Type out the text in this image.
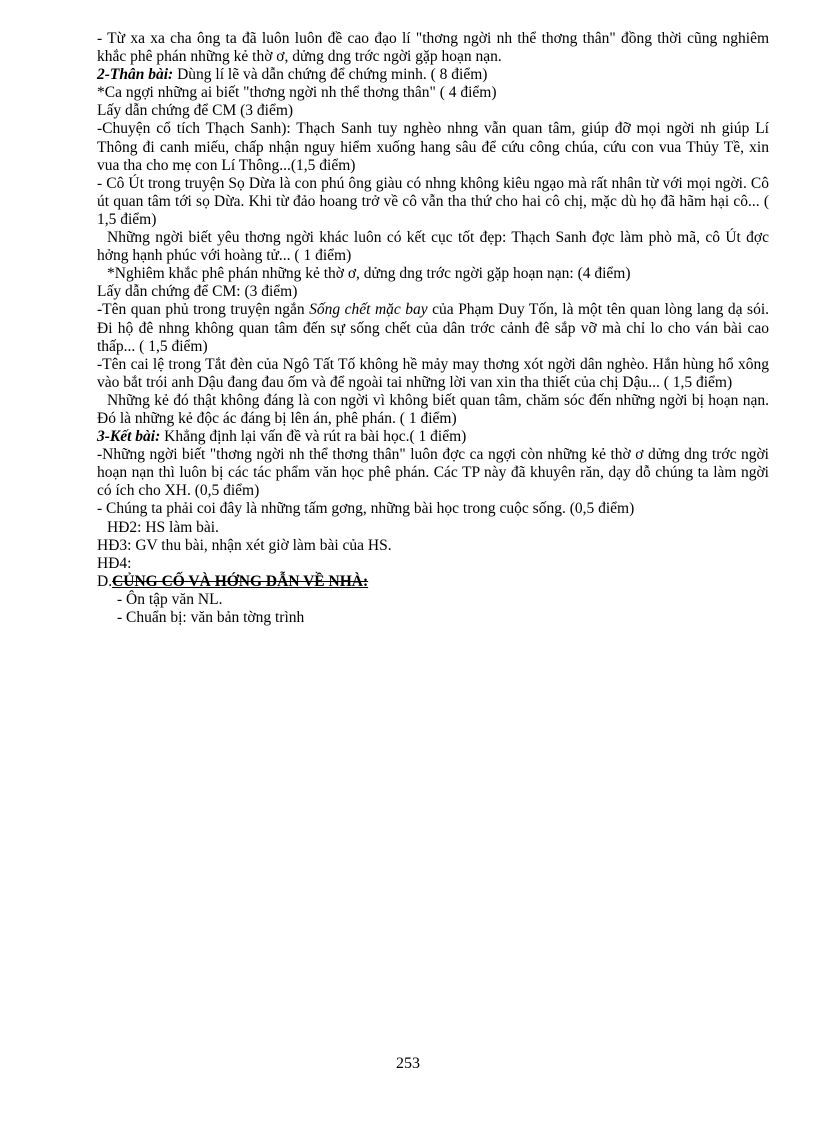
- Từ xa xa cha ông ta đã luôn luôn đề cao đạo lí "thơng ngời nh thể thơng thân" đồng thời cũng nghiêm khắc phê phán những kẻ thờ ơ, dửng dng trớc ngời gặp hoạn nạn.

2-Thân bài: Dùng lí lẽ và dẫn chứng để chứng minh. ( 8 điểm)

*Ca ngợi những ai biết "thơng ngời nh thể thơng thân" ( 4 điểm)

Lấy dẫn chứng để CM (3 điểm)

-Chuyện cổ tích Thạch Sanh): Thạch Sanh tuy nghèo nhng vẫn quan tâm, giúp đỡ mọi ngời nh giúp Lí Thông đi canh miếu, chấp nhận nguy hiểm xuống hang sâu để cứu công chúa, cứu con vua Thủy Tề, xin vua tha cho mẹ con Lí Thông...(1,5 điểm)

- Cô Út trong truyện Sọ Dừa là con phú ông giàu có nhng không kiêu ngạo mà rất nhân từ với mọi ngời. Cô út quan tâm tới sọ Dừa. Khi từ đảo hoang trở về cô vẫn tha thứ cho hai cô chị, mặc dù họ đã hãm hại cô... ( 1,5 điểm)

Những ngời biết yêu thơng ngời khác luôn có kết cục tốt đẹp: Thạch Sanh đợc làm phò mã, cô Út đợc hởng hạnh phúc với hoàng tử... ( 1 điểm)

*Nghiêm khắc phê phán những kẻ thờ ơ, dửng dng trớc ngời gặp hoạn nạn: (4 điểm)

Lấy dẫn chứng để CM: (3 điểm)

-Tên quan phủ trong truyện ngắn Sống chết mặc bay của Phạm Duy Tốn, là một tên quan lòng lang dạ sói. Đi hộ đê nhng không quan tâm đến sự sống chết của dân trớc cảnh đê sắp vỡ mà chỉ lo cho ván bài cao thấp... ( 1,5 điểm)

-Tên cai lệ trong Tắt đèn của Ngô Tất Tố không hề mảy may thơng xót ngời dân nghèo. Hắn hùng hổ xông vào bắt trói anh Dậu đang đau ốm và để ngoài tai những lời van xin tha thiết của chị Dậu... ( 1,5 điểm)

Những kẻ đó thật không đáng là con ngời vì không biết quan tâm, chăm sóc đến những ngời bị hoạn nạn. Đó là những kẻ độc ác đáng bị lên án, phê phán. ( 1 điểm)

3-Kết bài: Khẳng định lại vấn đề và rút ra bài học.( 1 điểm)

-Những ngời biết "thơng ngời nh thể thơng thân" luôn đợc ca ngợi còn những kẻ thờ ơ dửng dng trớc ngời hoạn nạn thì luôn bị các tác phẩm văn học phê phán. Các TP này đã khuyên răn, dạy dỗ chúng ta làm ngời có ích cho XH. (0,5 điểm)

- Chúng ta phải coi đây là những tấm gơng, những bài học trong cuộc sống. (0,5 điểm)

HĐ2: HS làm bài.

HĐ3: GV thu bài, nhận xét giờ làm bài của HS.

HĐ4:

D.CỦNG CỐ VÀ HỚNG DẪN VỀ NHÀ:

- Ôn tập văn NL.

- Chuẩn bị: văn bản tờng trình

253
